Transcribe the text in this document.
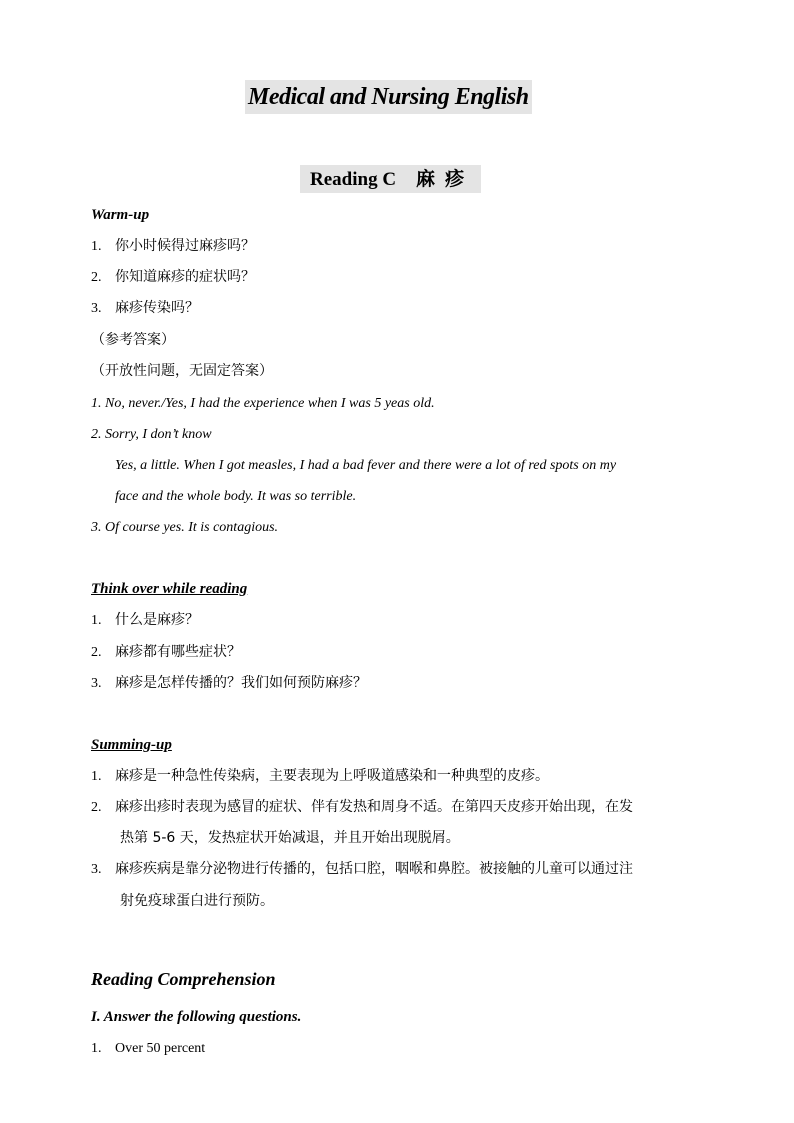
Medical and Nursing English
Reading C 麻疹
Warm-up
1. 你小时候得过麻疹吗？
2. 你知道麻疹的症状吗？
3. 麻疹传染吗？
（参考答案）
（开放性问题，无固定答案）
1. No, never./Yes, I had the experience when I was 5 yeas old.
2. Sorry, I don’t know
Yes, a little. When I got measles, I had a bad fever and there were a lot of red spots on my
face and the whole body. It was so terrible.
3. Of course yes. It is contagious.
Think over while reading
1. 什么是麻疹？
2. 麻疹都有哪些症状？
3. 麻疹是怎样传播的？我们如何预防麻疹？
Summing-up
1. 麻疹是一种急性传染病，主要表现为上呼吸道感染和一种典型的皮疹。
2. 麻疹出疹时表现为感冒的症状、伴有发热和周身不适。在第四天皮疹开始出现，在发
热第 5-6 天，发热症状开始减退，并且开始出现脱屑。
3. 麻疹疾病是靠分泌物进行传播的，包括口腔，咽喉和鼻腔。被接触的儿童可以通过注
射免疫球蛋白进行预防。
Reading Comprehension
I. Answer the following questions.
1. Over 50 percent
